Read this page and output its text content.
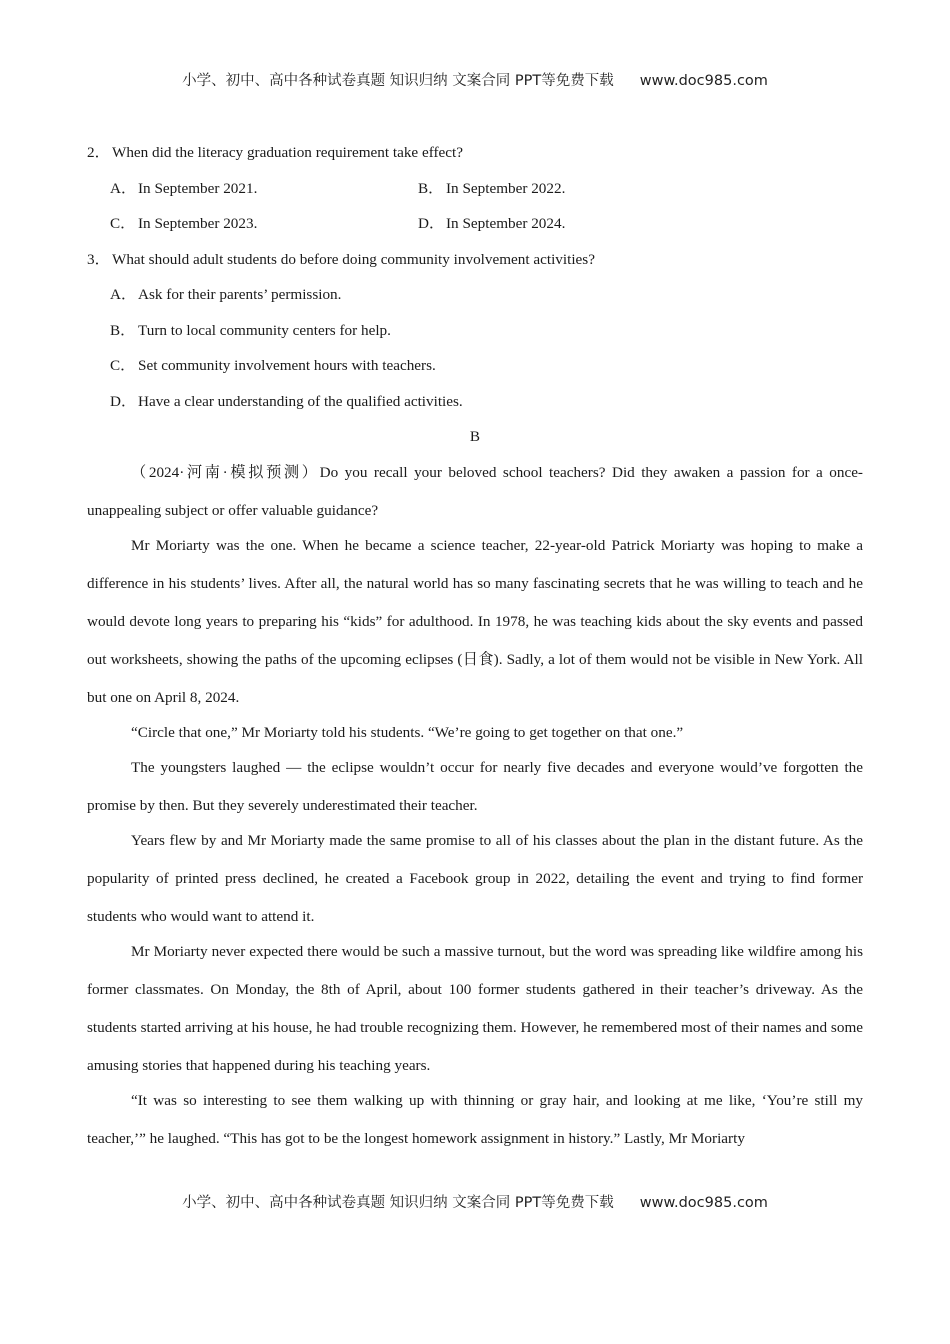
小学、初中、高中各种试卷真题 知识归纳 文案合同 PPT等免费下载 www.doc985.com
2． When did the literacy graduation requirement take effect?
A． In September 2021.	B． In September 2022.
C． In September 2023.	D． In September 2024.
3． What should adult students do before doing community involvement activities?
A． Ask for their parents’ permission.
B． Turn to local community centers for help.
C． Set community involvement hours with teachers.
D． Have a clear understanding of the qualified activities.
B

（2024·河南·模拟预测）Do you recall your beloved school teachers? Did they awaken a passion for a once-unappealing subject or offer valuable guidance?

Mr Moriarty was the one. When he became a science teacher, 22-year-old Patrick Moriarty was hoping to make a difference in his students’ lives. After all, the natural world has so many fascinating secrets that he was willing to teach and he would devote long years to preparing his “kids” for adulthood. In 1978, he was teaching kids about the sky events and passed out worksheets, showing the paths of the upcoming eclipses (日食). Sadly, a lot of them would not be visible in New York. All but one on April 8, 2024.

“Circle that one,” Mr Moriarty told his students. “We’re going to get together on that one.”

The youngsters laughed — the eclipse wouldn’t occur for nearly five decades and everyone would’ve forgotten the promise by then. But they severely underestimated their teacher.

Years flew by and Mr Moriarty made the same promise to all of his classes about the plan in the distant future. As the popularity of printed press declined, he created a Facebook group in 2022, detailing the event and trying to find former students who would want to attend it.

Mr Moriarty never expected there would be such a massive turnout, but the word was spreading like wildfire among his former classmates. On Monday, the 8th of April, about 100 former students gathered in their teacher’s driveway. As the students started arriving at his house, he had trouble recognizing them. However, he remembered most of their names and some amusing stories that happened during his teaching years.

“It was so interesting to see them walking up with thinning or gray hair, and looking at me like, ‘You’re still my teacher,’” he laughed. “This has got to be the longest homework assignment in history.” Lastly, Mr Moriarty

小学、初中、高中各种试卷真题 知识归纳 文案合同 PPT等免费下载 www.doc985.com
